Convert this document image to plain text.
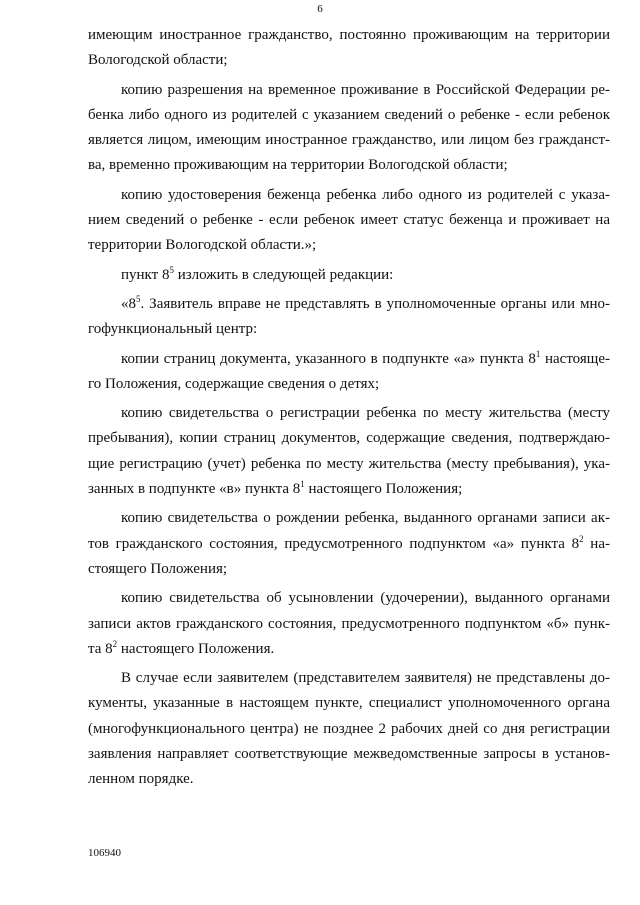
6
имеющим иностранное гражданство, постоянно проживающим на территории
Вологодской области;
копию разрешения на временное проживание в Российской Федерации ре-
бенка либо одного из родителей с указанием сведений о ребенке - если ребенок
является лицом, имеющим иностранное гражданство, или лицом без гражданст-
ва, временно проживающим на территории Вологодской области;
копию удостоверения беженца ребенка либо одного из родителей с указа-
нием сведений о ребенке - если ребенок имеет статус беженца и проживает на
территории Вологодской области.»;
пункт $8^5$ изложить в следующей редакции:
«$8^5$. Заявитель вправе не представлять в уполномоченные органы или мно-
гофункциональный центр:
копии страниц документа, указанного в подпункте «а» пункта $8^1$ настояще-
го Положения, содержащие сведения о детях;
копию свидетельства о регистрации ребенка по месту жительства (месту
пребывания), копии страниц документов, содержащие сведения, подтверждаю-
щие регистрацию (учет) ребенка по месту жительства (месту пребывания), ука-
занных в подпункте «в» пункта $8^1$ настоящего Положения;
копию свидетельства о рождении ребенка, выданного органами записи ак-
тов гражданского состояния, предусмотренного подпунктом «а» пункта $8^2$ на-
стоящего Положения;
копию свидетельства об усыновлении (удочерении), выданного органами
записи актов гражданского состояния, предусмотренного подпунктом «б» пунк-
та $8^2$ настоящего Положения.
В случае если заявителем (представителем заявителя) не представлены до-
кументы, указанные в настоящем пункте, специалист уполномоченного органа
(многофункционального центра) не позднее 2 рабочих дней со дня регистрации
заявления направляет соответствующие межведомственные запросы в установ-
ленном порядке.
106940
